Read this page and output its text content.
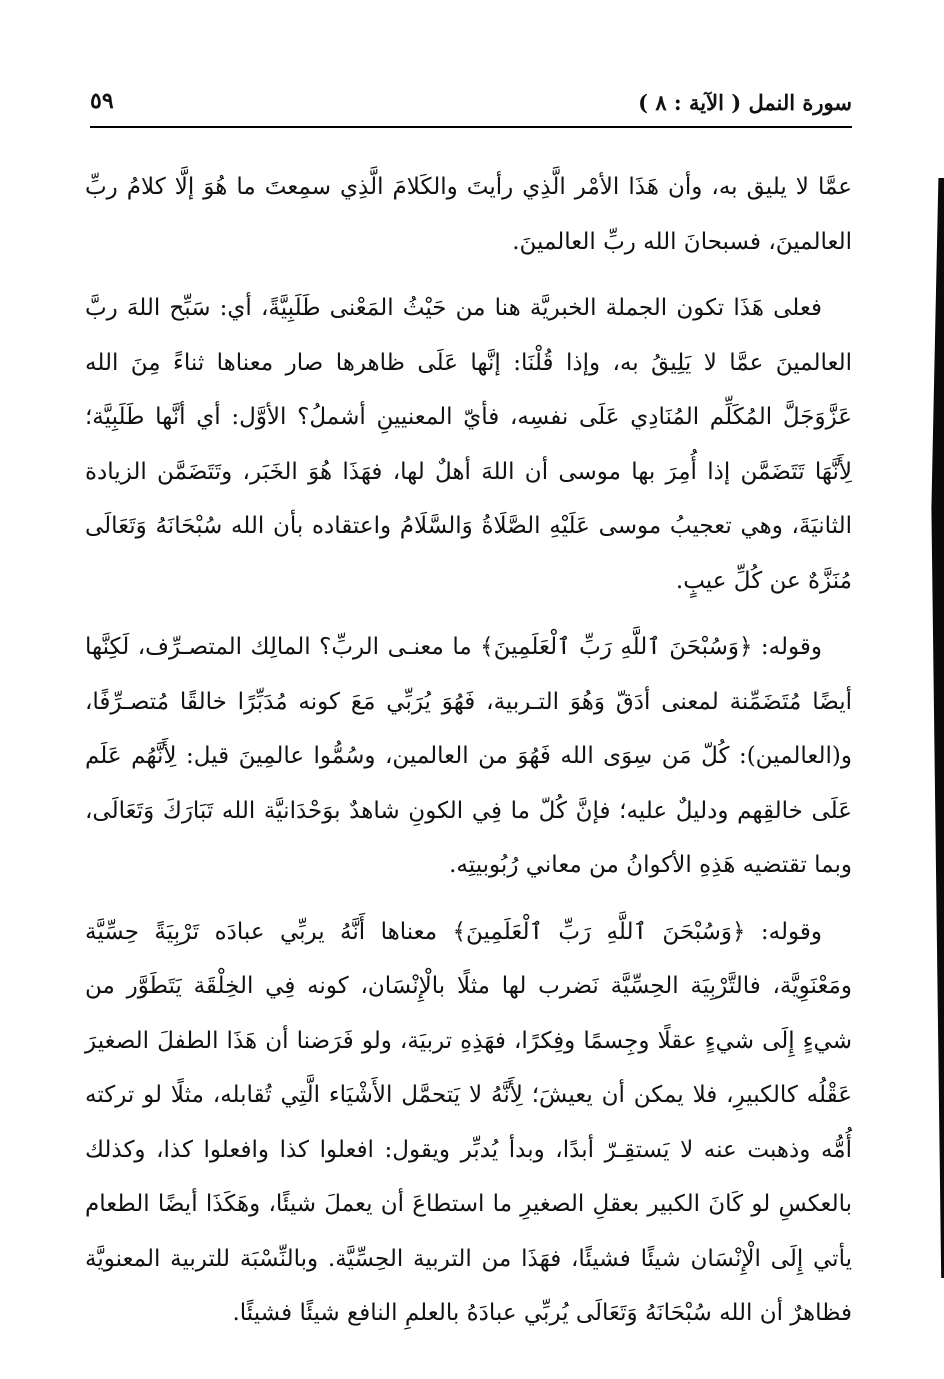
سورة النمل ( الآية : ٨ )
٥٩

عمَّا لا يليق به، وأن هَذَا الأمْر الَّذِي رأيتَ والكَلامَ الَّذِي سمِعتَ ما هُوَ إلَّا كلامُ ربِّ العالمينَ، فسبحانَ الله ربِّ العالمينَ.

فعلى هَذَا تكون الجملة الخبريَّة هنا من حَيْثُ المَعْنى طَلَبِيَّةً، أي: سَبِّح اللهَ ربَّ العالمينَ عمَّا لا يَلِيقُ به، وإذا قُلْنَا: إنَّها عَلَى ظاهرها صار معناها ثناءً مِنَ الله عَزَّوَجَلَّ المُكَلِّم المُنَادِي عَلَى نفسِه، فأيّ المعنيينِ أشملُ؟ الأوَّل: أي أنَّها طَلَبِيَّة؛ لِأَنَّهَا تَتَضَمَّن إذا أُمِرَ بها موسى أن اللهَ أهلٌ لها، فهَذَا هُوَ الخَبَر، وتَتَضَمَّن الزيادة الثانيَةَ، وهي تعجيبُ موسى عَلَيْهِ الصَّلَاةُ وَالسَّلَامُ واعتقاده بأن الله سُبْحَانَهُ وَتَعَالَى مُنَزَّهٌ عن كُلِّ عيبٍ.

وقوله: ﴿وَسُبْحَنَ ٱللَّهِ رَبِّ ٱلْعَلَمِينَ﴾ ما معنـى الربِّ؟ المالِك المتصـرِّف، لَكِنَّها أيضًا مُتَضَمِّنة لمعنى أدَقّ وَهُوَ التـربية، فَهُوَ يُرَبِّي مَعَ كونه مُدَبِّرًا خالقًا مُتصـرِّفًا، و(العالمين): كُلّ مَن سِوَى الله فَهُوَ من العالمين، وسُمُّوا عالمِينَ قيل: لِأَنَّهُم عَلَم عَلَى خالقِهم ودليلٌ عليه؛ فإنَّ كُلّ ما فِي الكونِ شاهدٌ بوَحْدَانيَّة الله تَبَارَكَ وَتَعَالَى، وبما تقتضيه هَذِهِ الأكوانُ من معاني رُبُوبيتِه.

وقوله: ﴿وَسُبْحَنَ ٱللَّهِ رَبِّ ٱلْعَلَمِينَ﴾ معناها أَنَّهُ يربِّي عبادَه تَرْبِيَةً حِسِّيَّة ومَعْنَوِيَّة، فالتَّرْبِيَة الحِسِّيَّة نَضرب لها مثلًا بالْإِنْسَان، كونه فِي الخِلْقَة يَتَطَوَّر من شيءٍ إِلَى شيءٍ عقلًا وجِسمًا وفِكرًا، فهَذِهِ تربيَة، ولو فَرَضنا أن هَذَا الطفلَ الصغيرَ عَقْلُه كالكبيرِ، فلا يمكن أن يعيشَ؛ لِأَنَّهُ لا يَتحمَّل الأَشْيَاء الَّتِي تُقابله، مثلًا لو تركته أُمُّه وذهبت عنه لا يَستقِـرّ أبدًا، وبدأ يُدبِّر ويقول: افعلوا كذا وافعلوا كذا، وكذلك بالعكسِ لو كَانَ الكبير بعقلِ الصغيرِ ما استطاعَ أن يعملَ شيئًا، وهَكَذَا أيضًا الطعام يأتي إِلَى الْإِنْسَان شيئًا فشيئًا، فهَذَا من التربية الحِسِّيَّة. وبالنِّسْبَة للتربية المعنويَّة فظاهرٌ أن الله سُبْحَانَهُ وَتَعَالَى يُربِّي عبادَهُ بالعلمِ النافع شيئًا فشيئًا.
